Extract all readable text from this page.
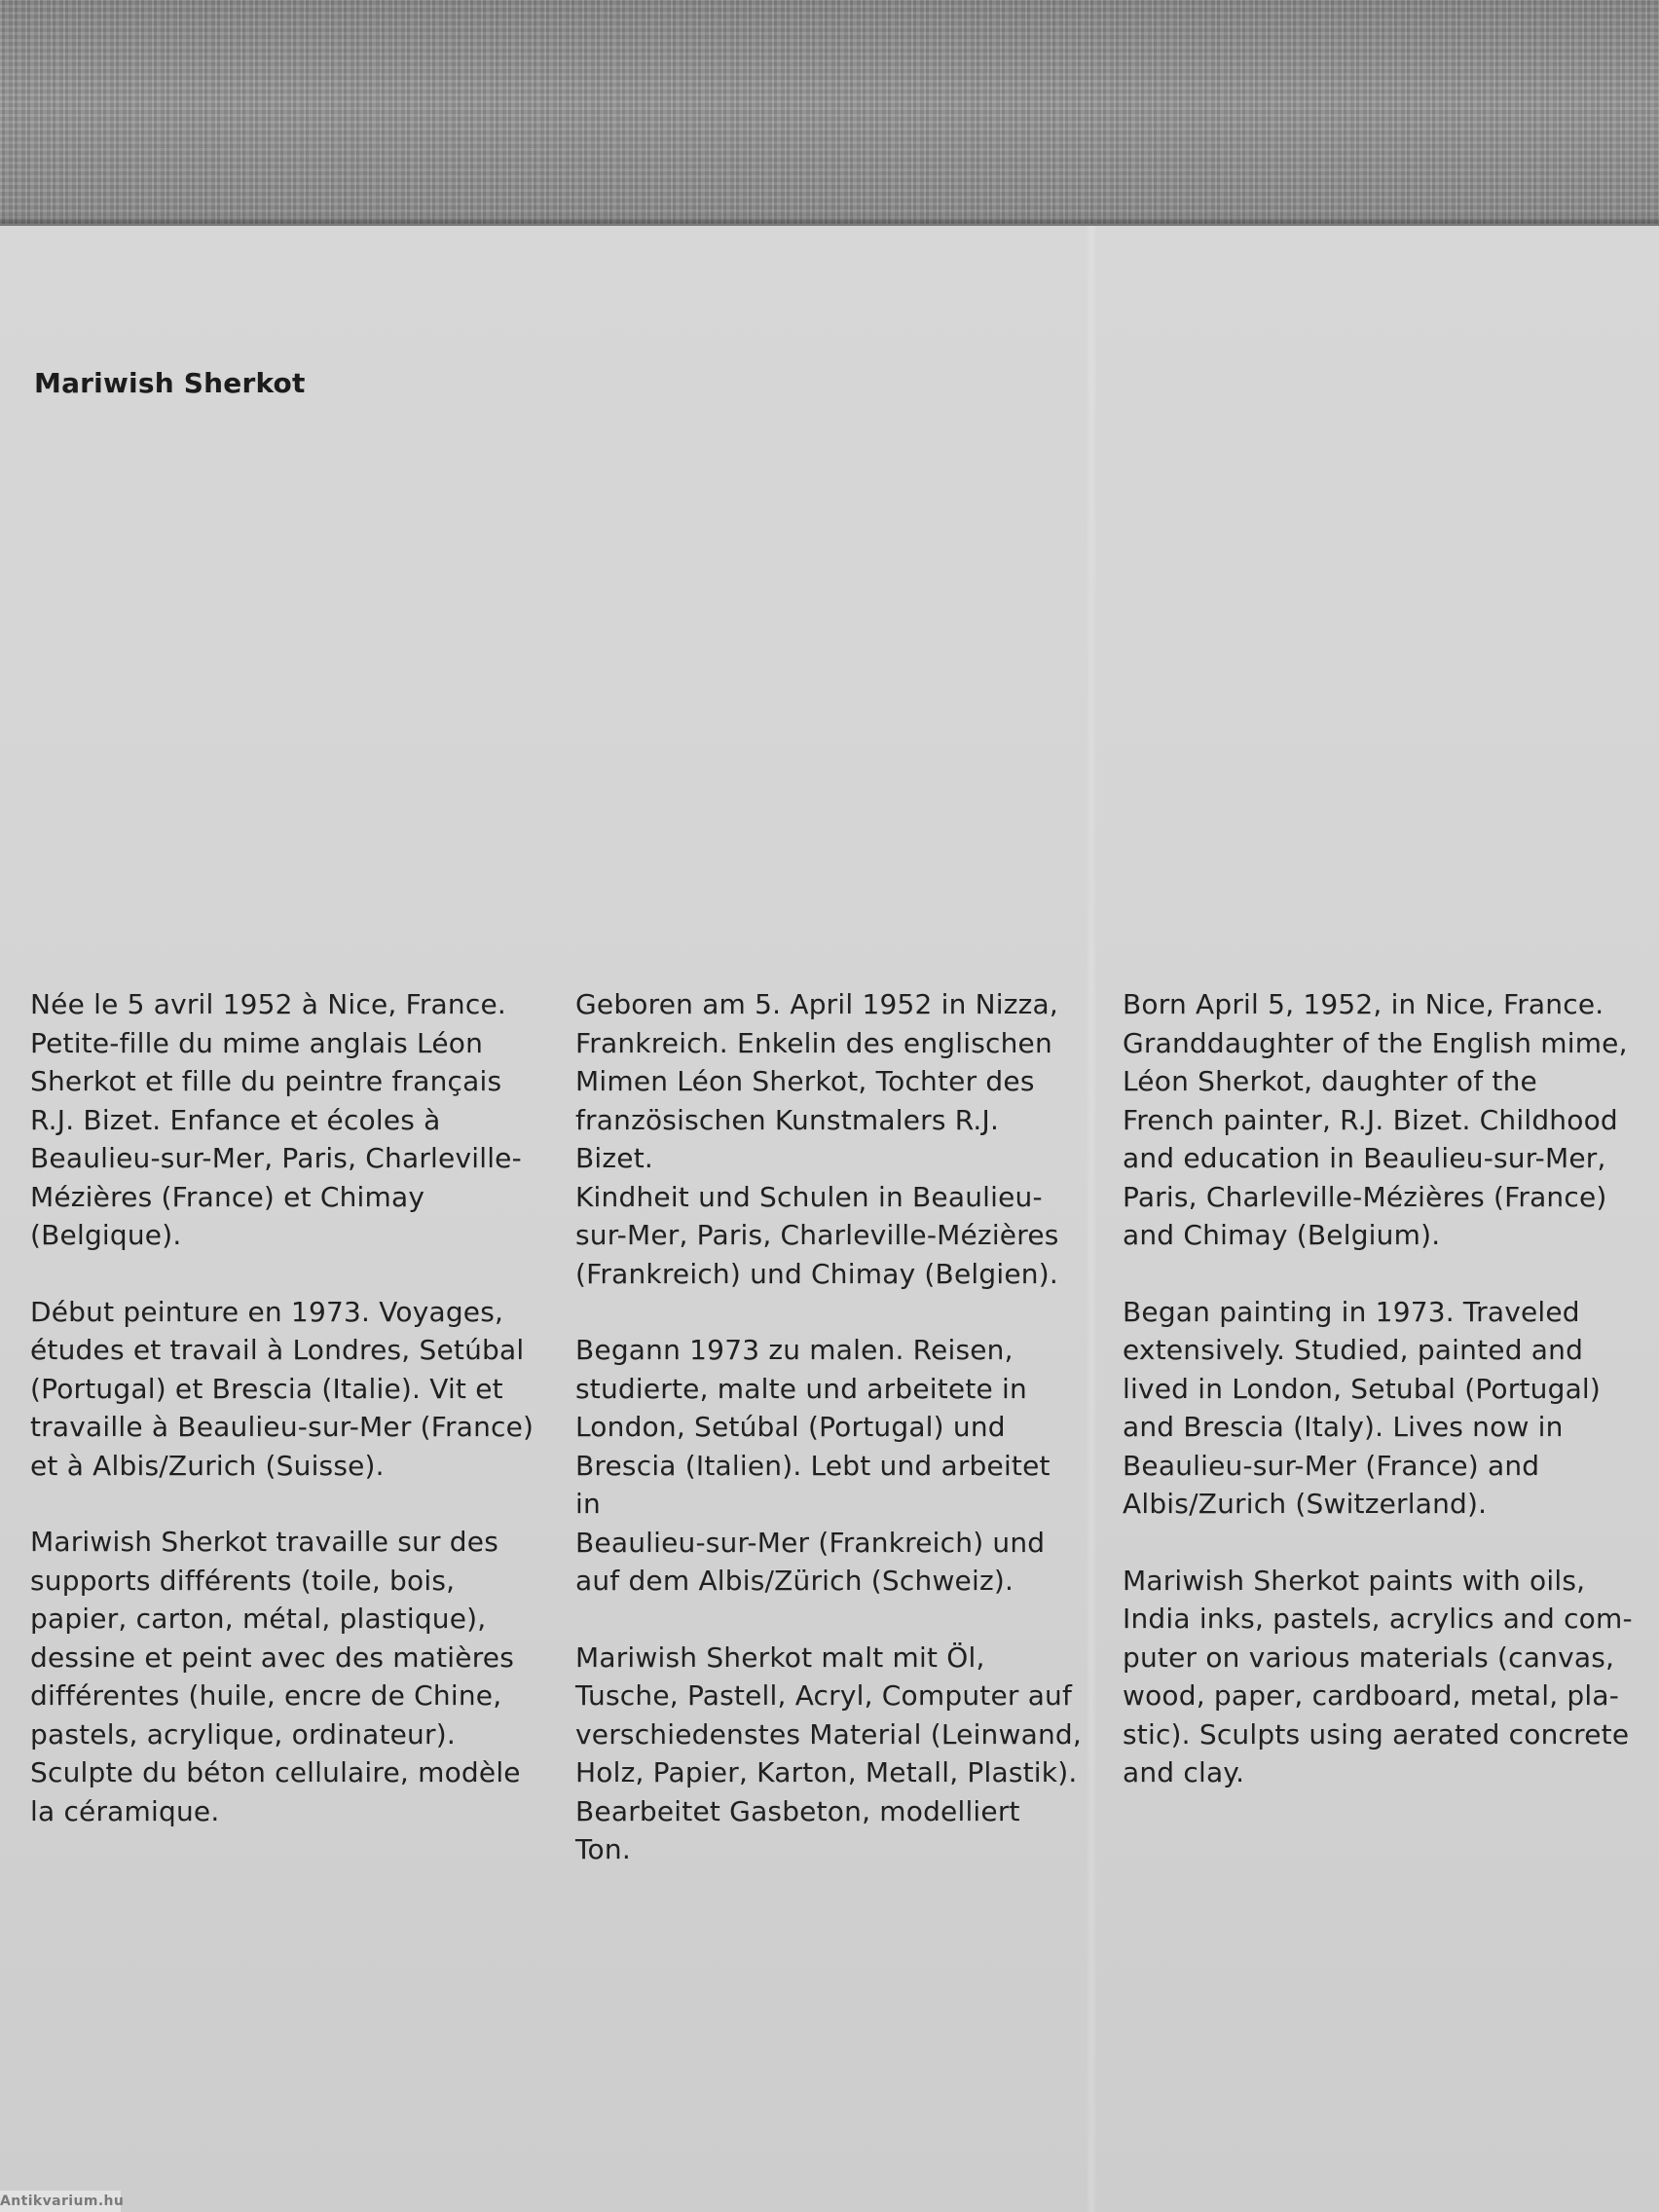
Mariwish Sherkot

Née le 5 avril 1952 à Nice, France.
Petite-fille du mime anglais Léon
Sherkot et fille du peintre français
R.J. Bizet. Enfance et écoles à
Beaulieu-sur-Mer, Paris, Charleville-
Mézières (France) et Chimay
(Belgique).

Début peinture en 1973. Voyages,
études et travail à Londres, Setúbal
(Portugal) et Brescia (Italie). Vit et
travaille à Beaulieu-sur-Mer (France)
et à Albis/Zurich (Suisse).

Mariwish Sherkot travaille sur des
supports différents (toile, bois,
papier, carton, métal, plastique),
dessine et peint avec des matières
différentes (huile, encre de Chine,
pastels, acrylique, ordinateur).
Sculpte du béton cellulaire, modèle
la céramique.

Geboren am 5. April 1952 in Nizza,
Frankreich. Enkelin des englischen
Mimen Léon Sherkot, Tochter des
französischen Kunstmalers R.J. Bizet.
Kindheit und Schulen in Beaulieu-
sur-Mer, Paris, Charleville-Mézières
(Frankreich) und Chimay (Belgien).

Begann 1973 zu malen. Reisen,
studierte, malte und arbeitete in
London, Setúbal (Portugal) und
Brescia (Italien). Lebt und arbeitet in
Beaulieu-sur-Mer (Frankreich) und
auf dem Albis/Zürich (Schweiz).

Mariwish Sherkot malt mit Öl,
Tusche, Pastell, Acryl, Computer auf
verschiedenstes Material (Leinwand,
Holz, Papier, Karton, Metall, Plastik).
Bearbeitet Gasbeton, modelliert Ton.

Born April 5, 1952, in Nice, France.
Granddaughter of the English mime,
Léon Sherkot, daughter of the
French painter, R.J. Bizet. Childhood
and education in Beaulieu-sur-Mer,
Paris, Charleville-Mézières (France)
and Chimay (Belgium).

Began painting in 1973. Traveled
extensively. Studied, painted and
lived in London, Setubal (Portugal)
and Brescia (Italy). Lives now in
Beaulieu-sur-Mer (France) and
Albis/Zurich (Switzerland).

Mariwish Sherkot paints with oils,
India inks, pastels, acrylics and com-
puter on various materials (canvas,
wood, paper, cardboard, metal, pla-
stic). Sculpts using aerated concrete
and clay.

Antikvarium.hu
